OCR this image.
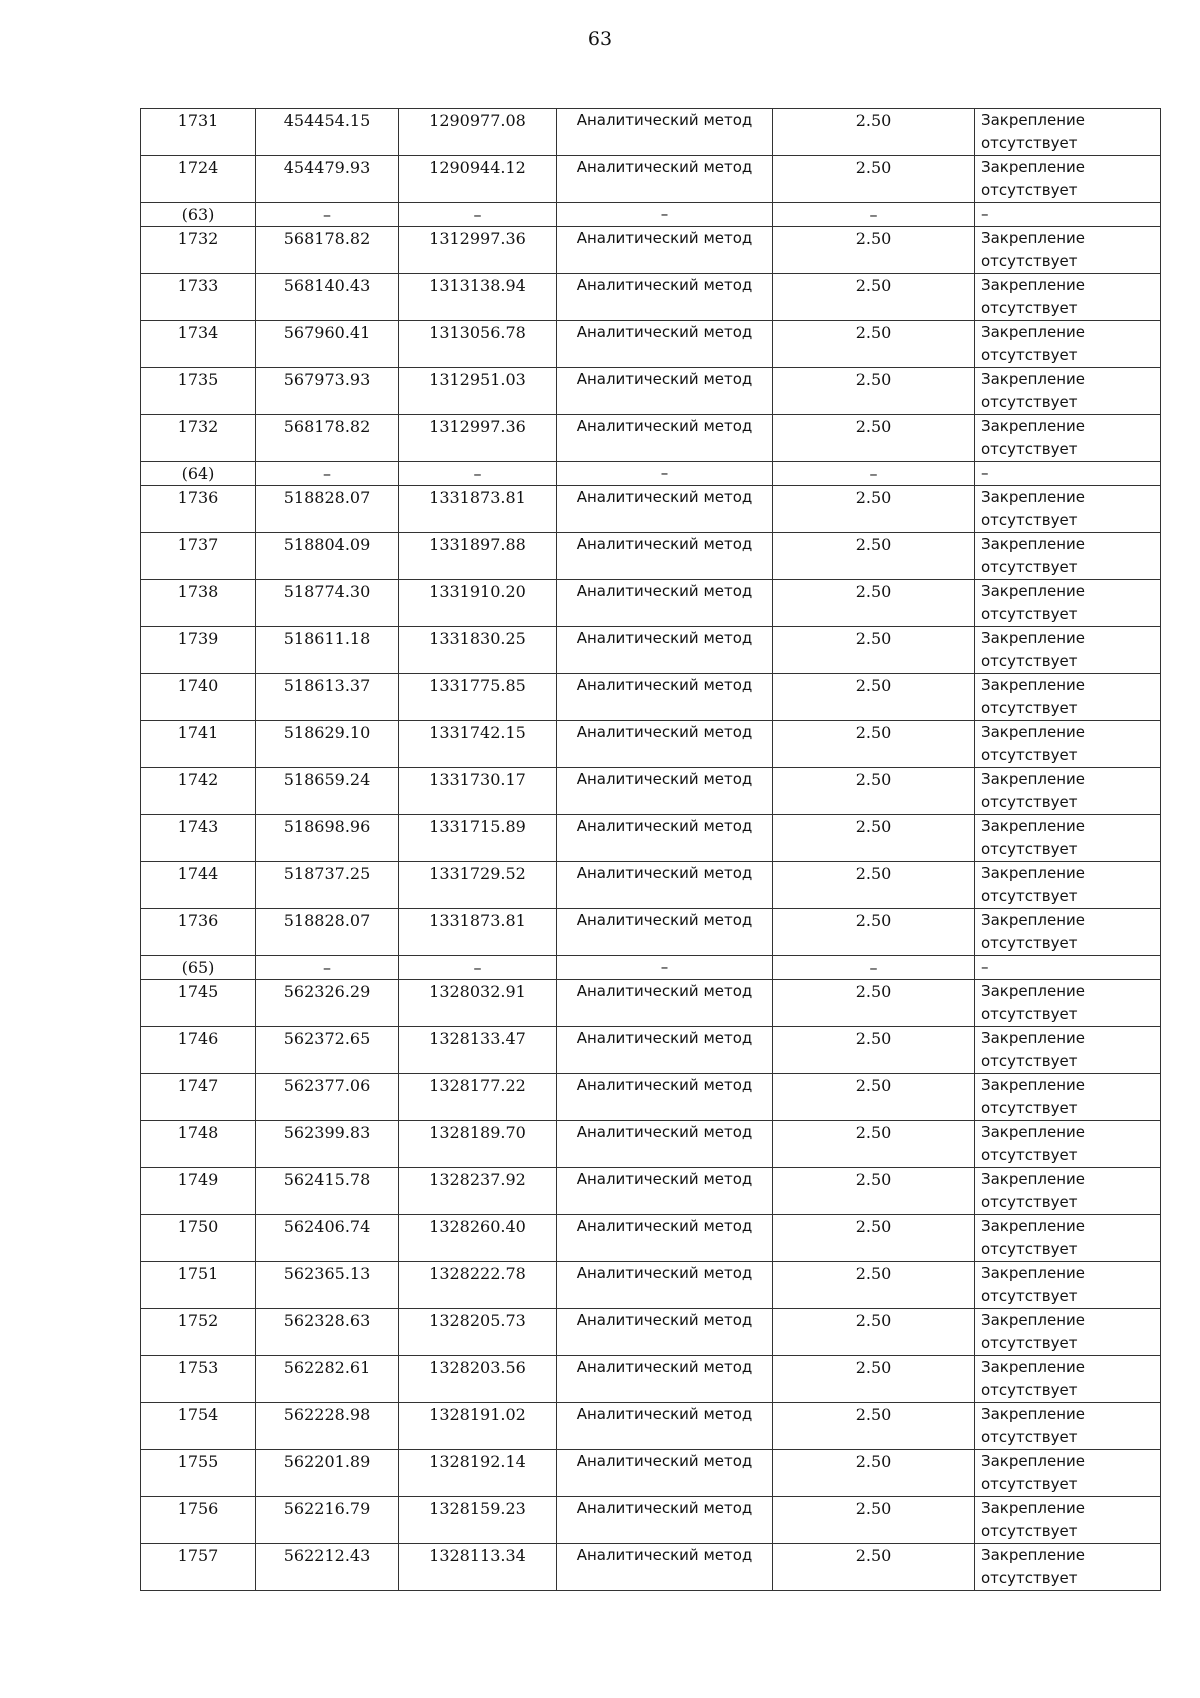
63
1731	454454.15	1290977.08	Аналитический метод	2.50	Закрепление отсутствует
1724	454479.93	1290944.12	Аналитический метод	2.50	Закрепление отсутствует
(63)	–	–	–	–	–
1732	568178.82	1312997.36	Аналитический метод	2.50	Закрепление отсутствует
1733	568140.43	1313138.94	Аналитический метод	2.50	Закрепление отсутствует
1734	567960.41	1313056.78	Аналитический метод	2.50	Закрепление отсутствует
1735	567973.93	1312951.03	Аналитический метод	2.50	Закрепление отсутствует
1732	568178.82	1312997.36	Аналитический метод	2.50	Закрепление отсутствует
(64)	–	–	–	–	–
1736	518828.07	1331873.81	Аналитический метод	2.50	Закрепление отсутствует
1737	518804.09	1331897.88	Аналитический метод	2.50	Закрепление отсутствует
1738	518774.30	1331910.20	Аналитический метод	2.50	Закрепление отсутствует
1739	518611.18	1331830.25	Аналитический метод	2.50	Закрепление отсутствует
1740	518613.37	1331775.85	Аналитический метод	2.50	Закрепление отсутствует
1741	518629.10	1331742.15	Аналитический метод	2.50	Закрепление отсутствует
1742	518659.24	1331730.17	Аналитический метод	2.50	Закрепление отсутствует
1743	518698.96	1331715.89	Аналитический метод	2.50	Закрепление отсутствует
1744	518737.25	1331729.52	Аналитический метод	2.50	Закрепление отсутствует
1736	518828.07	1331873.81	Аналитический метод	2.50	Закрепление отсутствует
(65)	–	–	–	–	–
1745	562326.29	1328032.91	Аналитический метод	2.50	Закрепление отсутствует
1746	562372.65	1328133.47	Аналитический метод	2.50	Закрепление отсутствует
1747	562377.06	1328177.22	Аналитический метод	2.50	Закрепление отсутствует
1748	562399.83	1328189.70	Аналитический метод	2.50	Закрепление отсутствует
1749	562415.78	1328237.92	Аналитический метод	2.50	Закрепление отсутствует
1750	562406.74	1328260.40	Аналитический метод	2.50	Закрепление отсутствует
1751	562365.13	1328222.78	Аналитический метод	2.50	Закрепление отсутствует
1752	562328.63	1328205.73	Аналитический метод	2.50	Закрепление отсутствует
1753	562282.61	1328203.56	Аналитический метод	2.50	Закрепление отсутствует
1754	562228.98	1328191.02	Аналитический метод	2.50	Закрепление отсутствует
1755	562201.89	1328192.14	Аналитический метод	2.50	Закрепление отсутствует
1756	562216.79	1328159.23	Аналитический метод	2.50	Закрепление отсутствует
1757	562212.43	1328113.34	Аналитический метод	2.50	Закрепление отсутствует
